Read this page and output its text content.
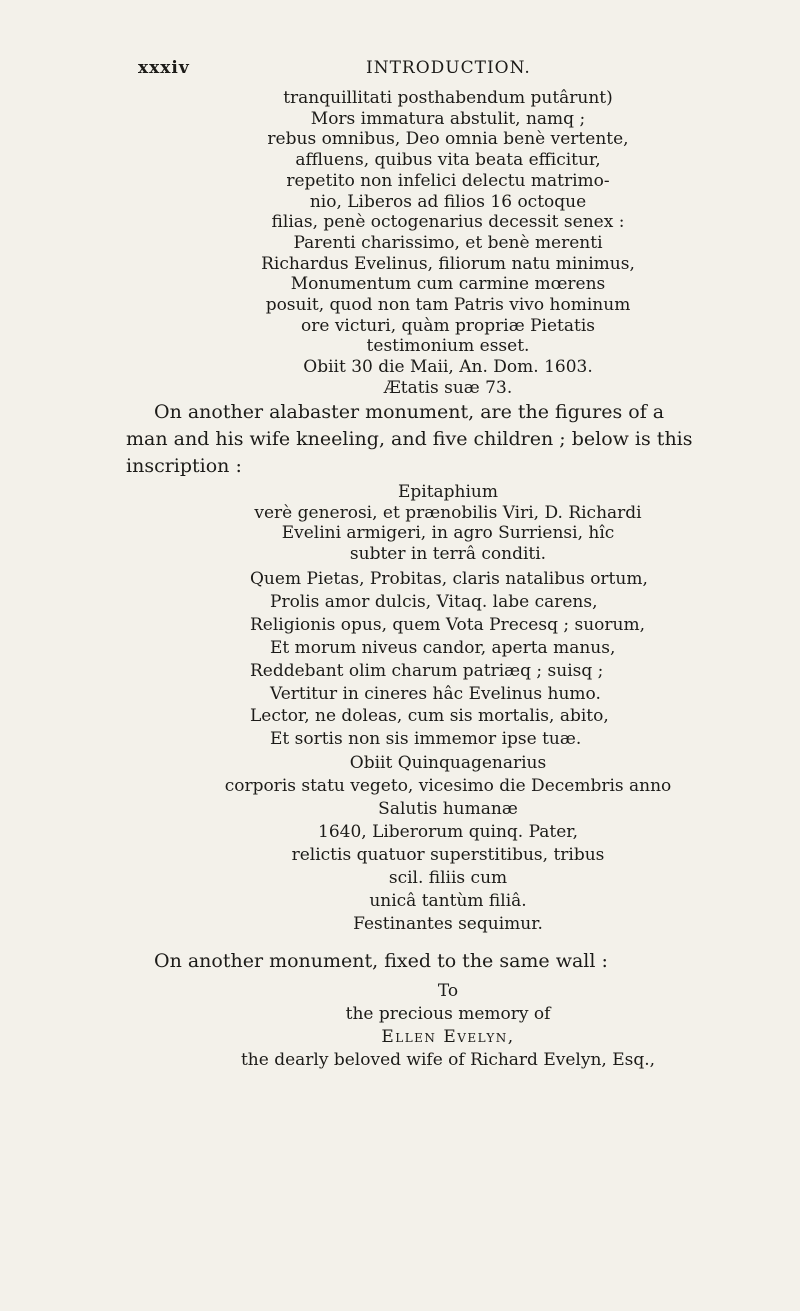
xxxiv	INTRODUCTION.
tranquillitati posthabendum putârunt)
Mors immatura abstulit, namq ;
rebus omnibus, Deo omnia benè vertente,
affluens, quibus vita beata efficitur,
repetito non infelici delectu matrimo-
nio, Liberos ad filios 16 octoque
filias, penè octogenarius decessit senex :
Parenti charissimo, et benè merenti
Richardus Evelinus, filiorum natu minimus,
Monumentum cum carmine mœrens
posuit, quod non tam Patris vivo hominum
ore victuri, quàm propriæ Pietatis
testimonium esset.
Obiit 30 die Maii, An. Dom. 1603.
Ætatis suæ 73.
On another alabaster monument, are the figures of a
man and his wife kneeling, and five children ; below is this
inscription :
Epitaphium
verè generosi, et prænobilis Viri, D. Richardi
Evelini armigeri, in agro Surriensi, hîc
subter in terrâ conditi.
Quem Pietas, Probitas, claris natalibus ortum,
Prolis amor dulcis, Vitaq. labe carens,
Religionis opus, quem Vota Precesq ; suorum,
Et morum niveus candor, aperta manus,
Reddebant olim charum patriæq ; suisq ;
Vertitur in cineres hâc Evelinus humo.
Lector, ne doleas, cum sis mortalis, abito,
Et sortis non sis immemor ipse tuæ.
Obiit Quinquagenarius
corporis statu vegeto, vicesimo die Decembris anno
Salutis humanæ
1640, Liberorum quinq. Pater,
relictis quatuor superstitibus, tribus
scil. filiis cum
unicâ tantùm filiâ.
Festinantes sequimur.
On another monument, fixed to the same wall :
To
the precious memory of
Ellen Evelyn,
the dearly beloved wife of Richard Evelyn, Esq.,
